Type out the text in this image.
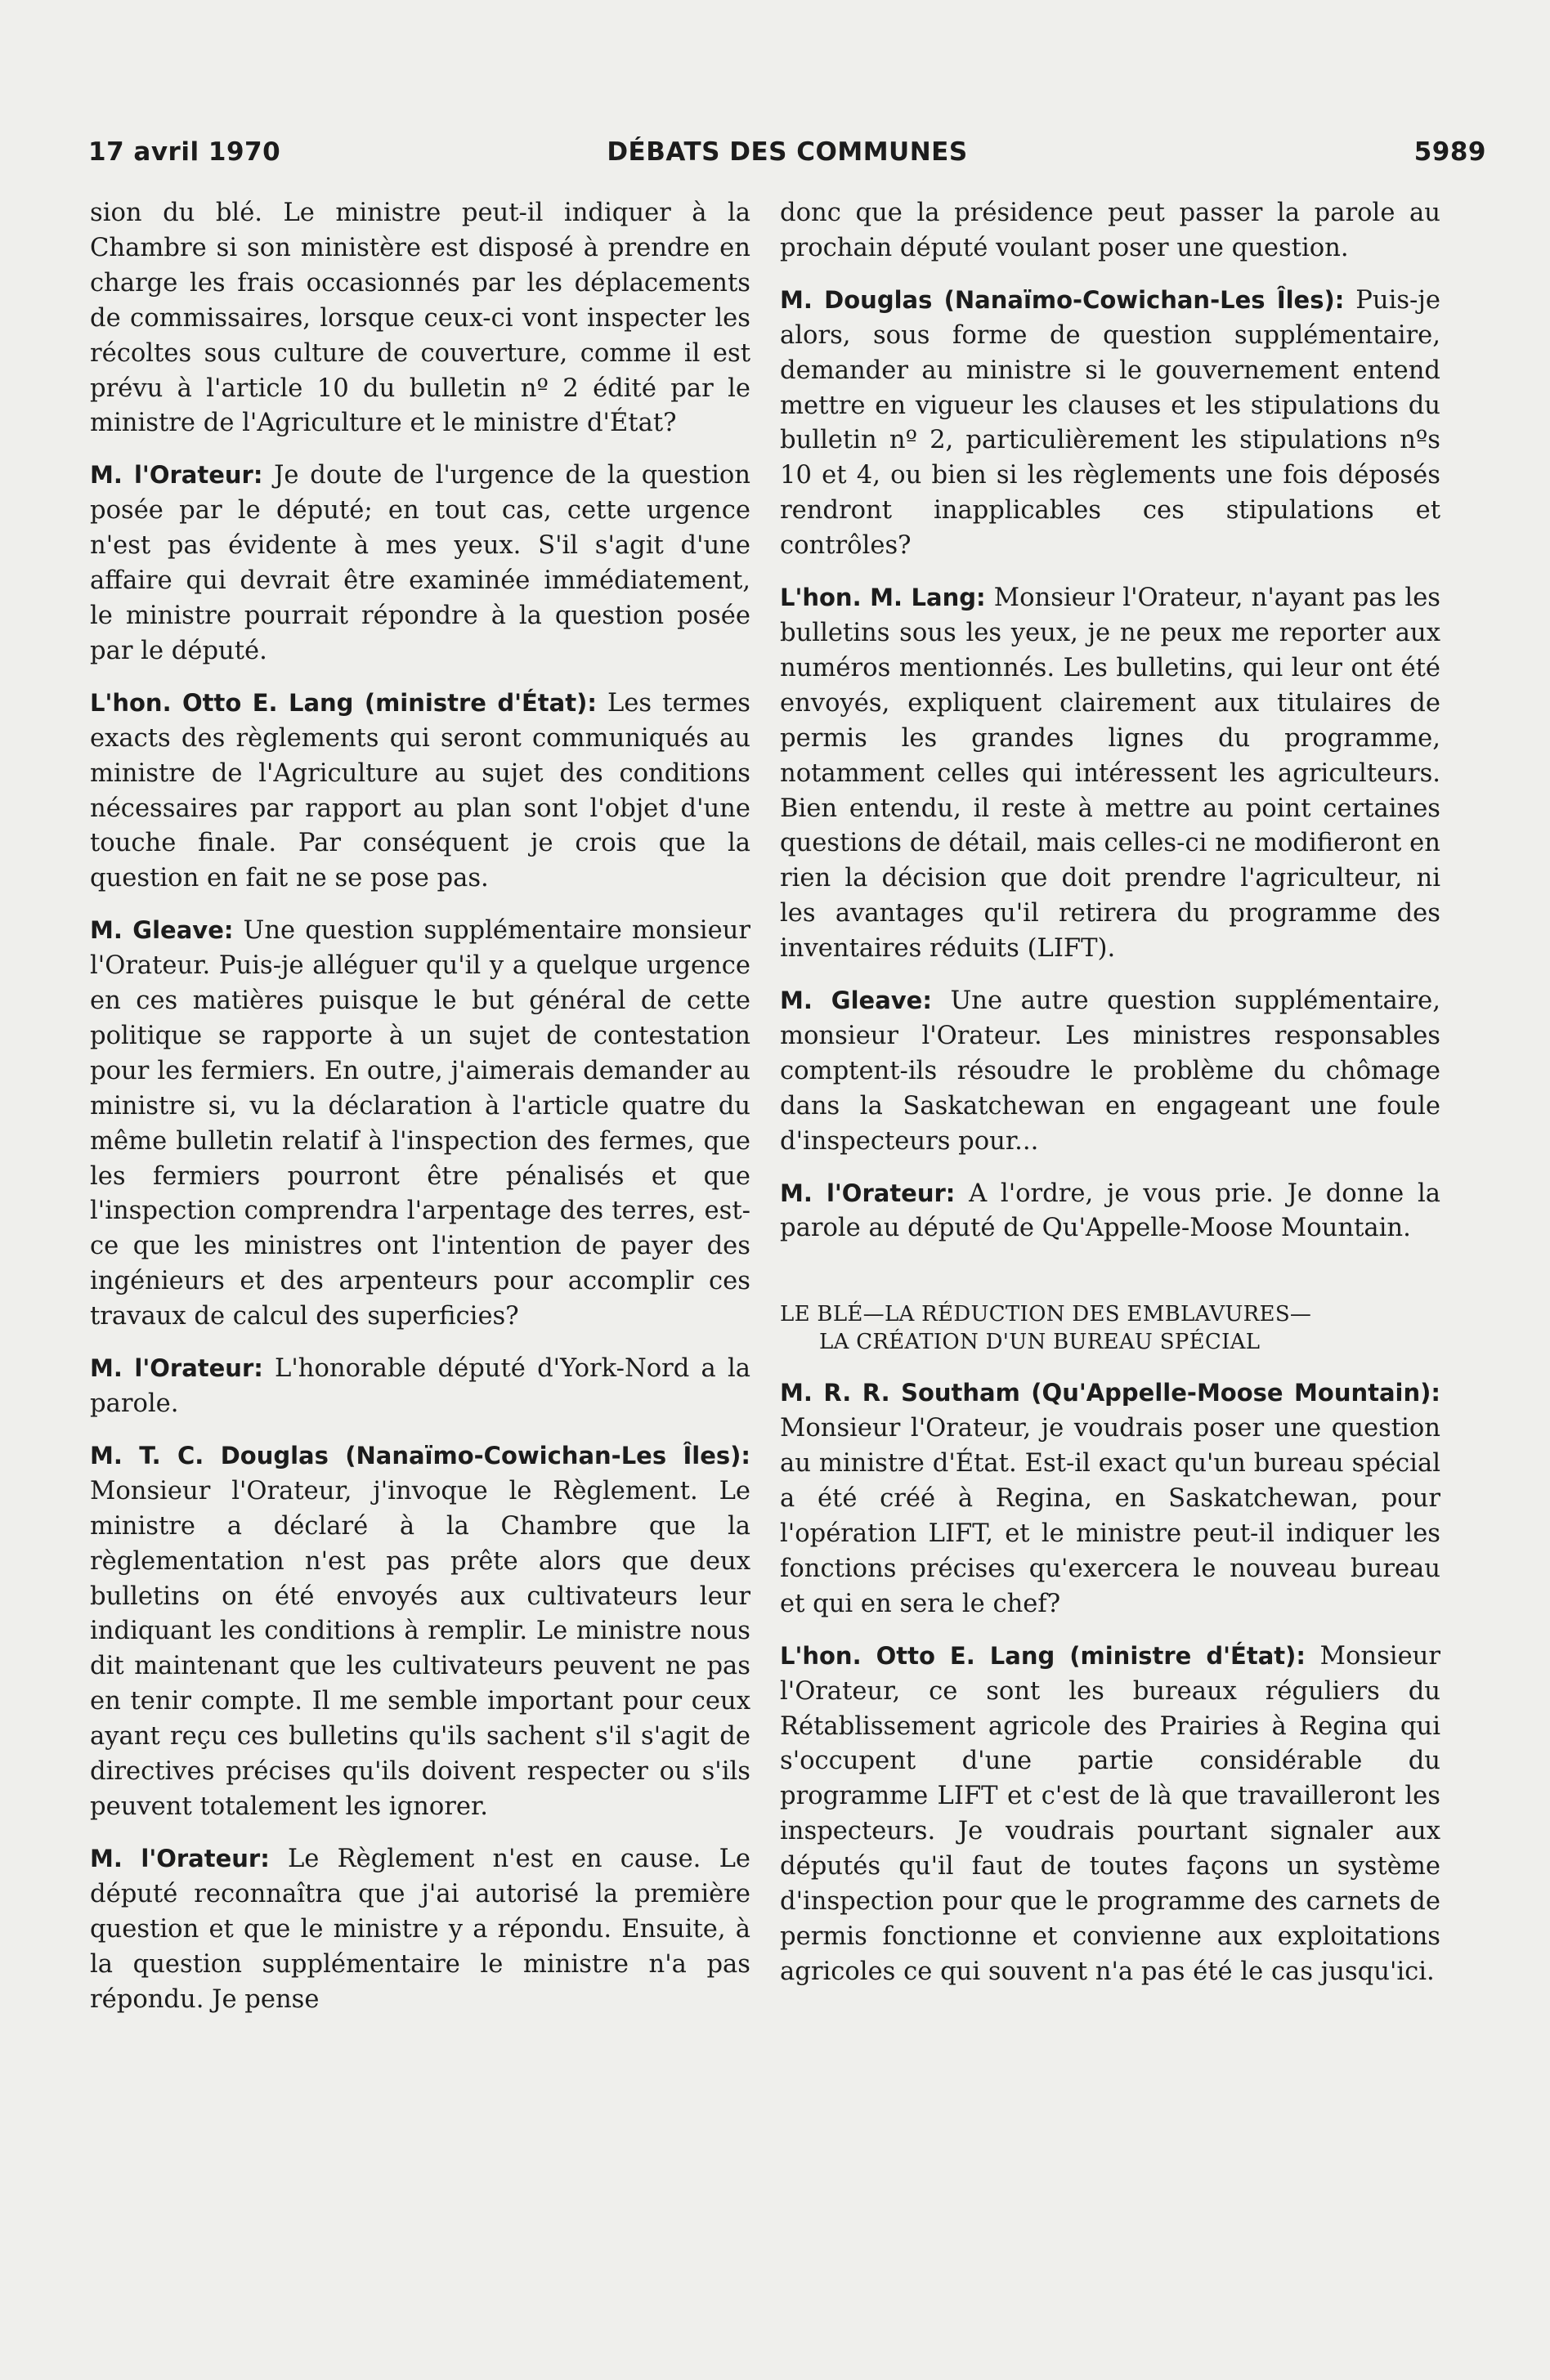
17 avril 1970	DÉBATS DES COMMUNES	5989

sion du blé. Le ministre peut-il indiquer à la Chambre si son ministère est disposé à prendre en charge les frais occasionnés par les déplacements de commissaires, lorsque ceux-ci vont inspecter les récoltes sous culture de couverture, comme il est prévu à l'article 10 du bulletin nº 2 édité par le ministre de l'Agriculture et le ministre d'État?

M. l'Orateur: Je doute de l'urgence de la question posée par le député; en tout cas, cette urgence n'est pas évidente à mes yeux. S'il s'agit d'une affaire qui devrait être examinée immédiatement, le ministre pourrait répondre à la question posée par le député.

L'hon. Otto E. Lang (ministre d'État): Les termes exacts des règlements qui seront communiqués au ministre de l'Agriculture au sujet des conditions nécessaires par rapport au plan sont l'objet d'une touche finale. Par conséquent je crois que la question en fait ne se pose pas.

M. Gleave: Une question supplémentaire monsieur l'Orateur. Puis-je alléguer qu'il y a quelque urgence en ces matières puisque le but général de cette politique se rapporte à un sujet de contestation pour les fermiers. En outre, j'aimerais demander au ministre si, vu la déclaration à l'article quatre du même bulletin relatif à l'inspection des fermes, que les fermiers pourront être pénalisés et que l'inspection comprendra l'arpentage des terres, est-ce que les ministres ont l'intention de payer des ingénieurs et des arpenteurs pour accomplir ces travaux de calcul des superficies?

M. l'Orateur: L'honorable député d'York-Nord a la parole.

M. T. C. Douglas (Nanaïmo-Cowichan-Les Îles): Monsieur l'Orateur, j'invoque le Règlement. Le ministre a déclaré à la Chambre que la règlementation n'est pas prête alors que deux bulletins on été envoyés aux cultivateurs leur indiquant les conditions à remplir. Le ministre nous dit maintenant que les cultivateurs peuvent ne pas en tenir compte. Il me semble important pour ceux ayant reçu ces bulletins qu'ils sachent s'il s'agit de directives précises qu'ils doivent respecter ou s'ils peuvent totalement les ignorer.

M. l'Orateur: Le Règlement n'est en cause. Le député reconnaîtra que j'ai autorisé la première question et que le ministre y a répondu. Ensuite, à la question supplémentaire le ministre n'a pas répondu. Je pense

donc que la présidence peut passer la parole au prochain député voulant poser une question.

M. Douglas (Nanaïmo-Cowichan-Les Îles): Puis-je alors, sous forme de question supplémentaire, demander au ministre si le gouvernement entend mettre en vigueur les clauses et les stipulations du bulletin nº 2, particulièrement les stipulations nºs 10 et 4, ou bien si les règlements une fois déposés rendront inapplicables ces stipulations et contrôles?

L'hon. M. Lang: Monsieur l'Orateur, n'ayant pas les bulletins sous les yeux, je ne peux me reporter aux numéros mentionnés. Les bulletins, qui leur ont été envoyés, expliquent clairement aux titulaires de permis les grandes lignes du programme, notamment celles qui intéressent les agriculteurs. Bien entendu, il reste à mettre au point certaines questions de détail, mais celles-ci ne modifieront en rien la décision que doit prendre l'agriculteur, ni les avantages qu'il retirera du programme des inventaires réduits (LIFT).

M. Gleave: Une autre question supplémentaire, monsieur l'Orateur. Les ministres responsables comptent-ils résoudre le problème du chômage dans la Saskatchewan en engageant une foule d'inspecteurs pour...

M. l'Orateur: A l'ordre, je vous prie. Je donne la parole au député de Qu'Appelle-Moose Mountain.

LE BLÉ—LA RÉDUCTION DES EMBLAVURES—
LA CRÉATION D'UN BUREAU SPÉCIAL

M. R. R. Southam (Qu'Appelle-Moose Mountain): Monsieur l'Orateur, je voudrais poser une question au ministre d'État. Est-il exact qu'un bureau spécial a été créé à Regina, en Saskatchewan, pour l'opération LIFT, et le ministre peut-il indiquer les fonctions précises qu'exercera le nouveau bureau et qui en sera le chef?

L'hon. Otto E. Lang (ministre d'État): Monsieur l'Orateur, ce sont les bureaux réguliers du Rétablissement agricole des Prairies à Regina qui s'occupent d'une partie considérable du programme LIFT et c'est de là que travailleront les inspecteurs. Je voudrais pourtant signaler aux députés qu'il faut de toutes façons un système d'inspection pour que le programme des carnets de permis fonctionne et convienne aux exploitations agricoles ce qui souvent n'a pas été le cas jusqu'ici.
